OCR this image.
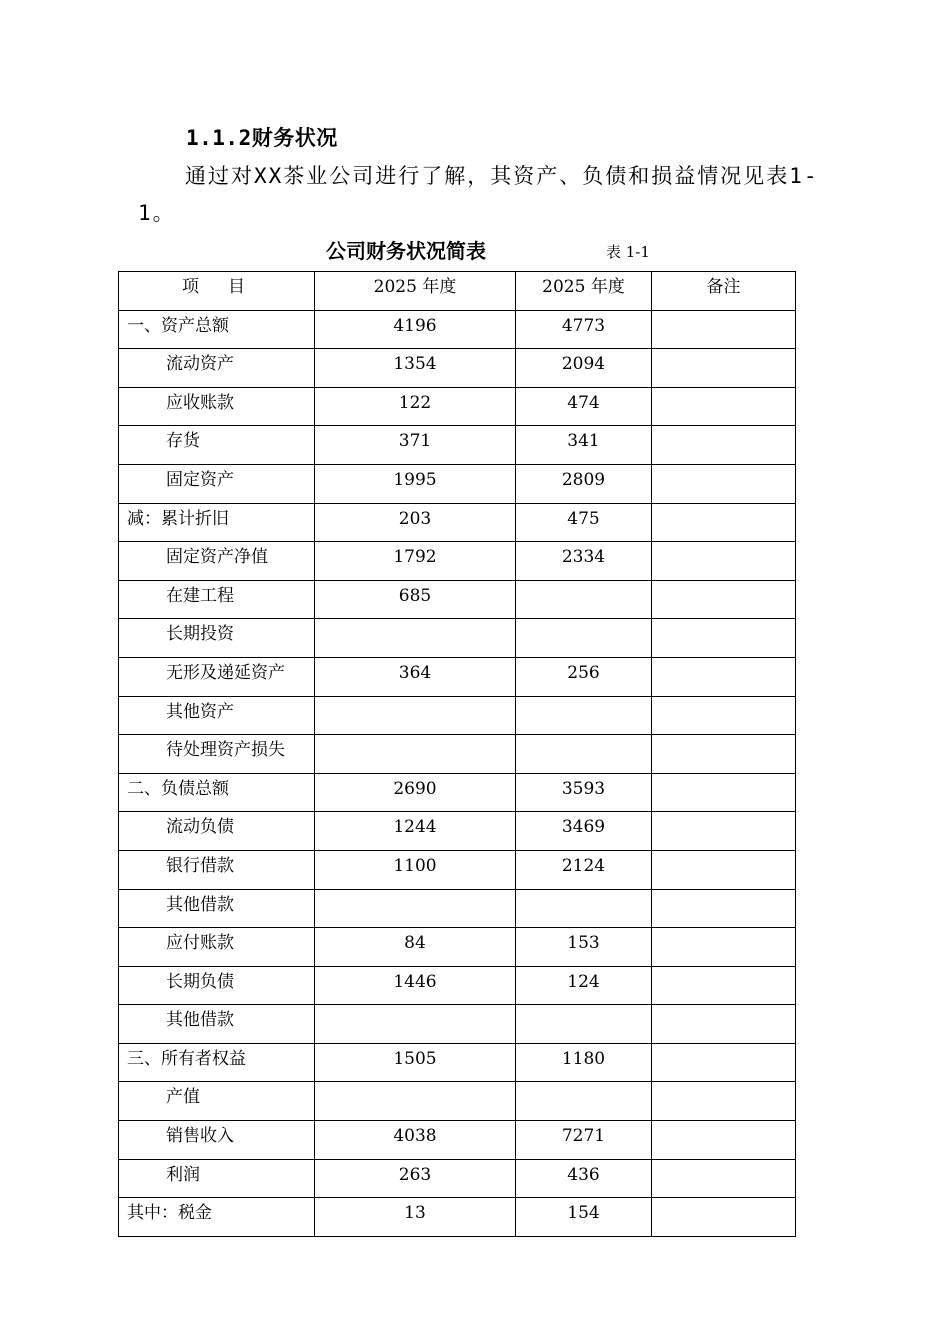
1.1.2财务状况

通过对XX茶业公司进行了解，其资产、负债和损益情况见表1-1。

公司财务状况简表	表 1-1
项　目	2025 年度	2025 年度	备注
一、资产总额	4196	4773	
流动资产	1354	2094	
应收账款	122	474	
存货	371	341	
固定资产	1995	2809	
减：累计折旧	203	475	
固定资产净值	1792	2334	
在建工程	685		
长期投资			
无形及递延资产	364	256	
其他资产			
待处理资产损失			
二、负债总额	2690	3593	
流动负债	1244	3469	
银行借款	1100	2124	
其他借款			
应付账款	84	153	
长期负债	1446	124	
其他借款			
三、所有者权益	1505	1180	
产值			
销售收入	4038	7271	
利润	263	436	
其中：税金	13	154	
